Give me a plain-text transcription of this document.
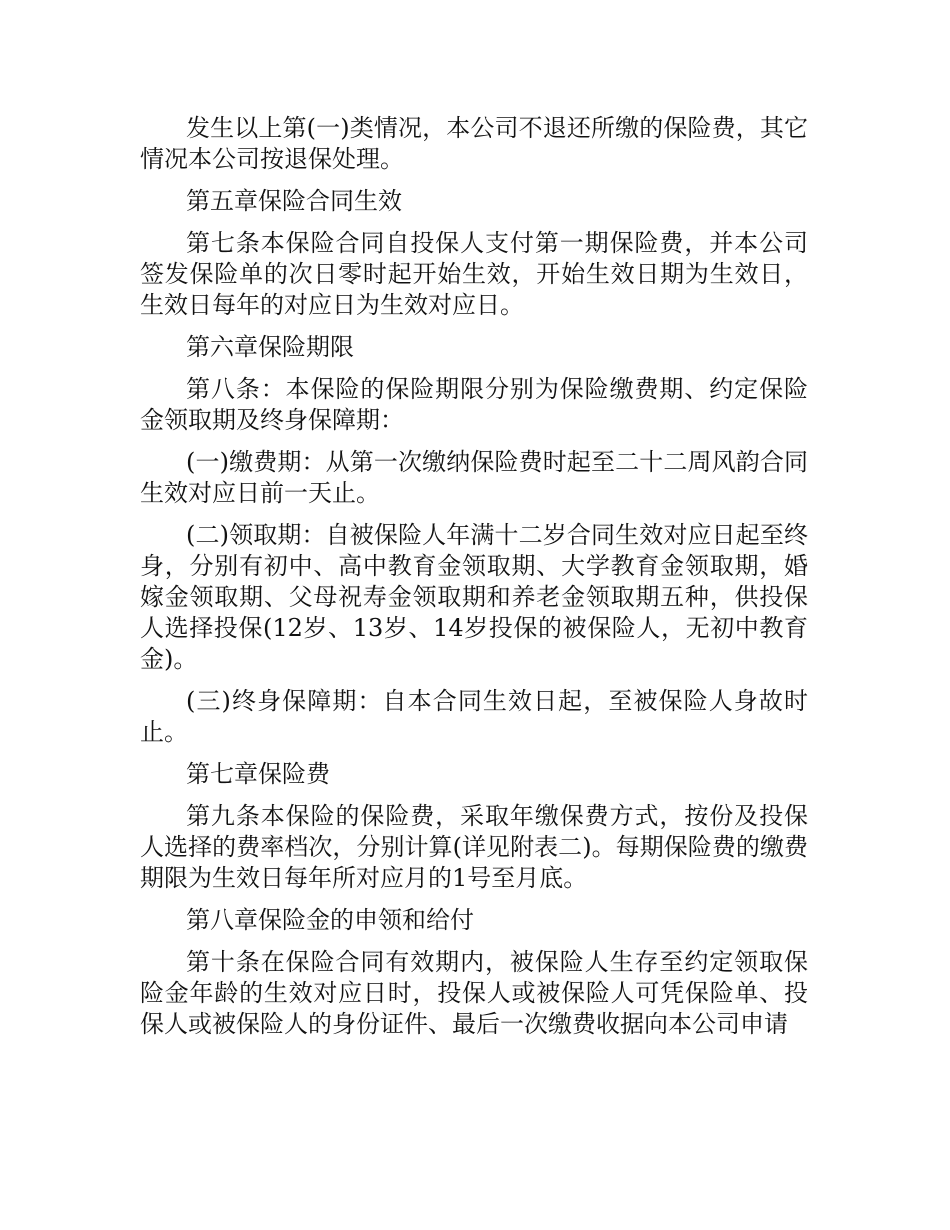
发生以上第(一)类情况，本公司不退还所缴的保险费，其它情况本公司按退保处理。

第五章保险合同生效

第七条本保险合同自投保人支付第一期保险费，并本公司签发保险单的次日零时起开始生效，开始生效日期为生效日，生效日每年的对应日为生效对应日。

第六章保险期限

第八条：本保险的保险期限分别为保险缴费期、约定保险金领取期及终身保障期：

(一)缴费期：从第一次缴纳保险费时起至二十二周风韵合同生效对应日前一天止。

(二)领取期：自被保险人年满十二岁合同生效对应日起至终身，分别有初中、高中教育金领取期、大学教育金领取期，婚嫁金领取期、父母祝寿金领取期和养老金领取期五种，供投保人选择投保(12岁、13岁、14岁投保的被保险人，无初中教育金)。

(三)终身保障期：自本合同生效日起，至被保险人身故时止。

第七章保险费

第九条本保险的保险费，采取年缴保费方式，按份及投保人选择的费率档次，分别计算(详见附表二)。每期保险费的缴费期限为生效日每年所对应月的1号至月底。

第八章保险金的申领和给付

第十条在保险合同有效期内，被保险人生存至约定领取保险金年龄的生效对应日时，投保人或被保险人可凭保险单、投保人或被保险人的身份证件、最后一次缴费收据向本公司申请
